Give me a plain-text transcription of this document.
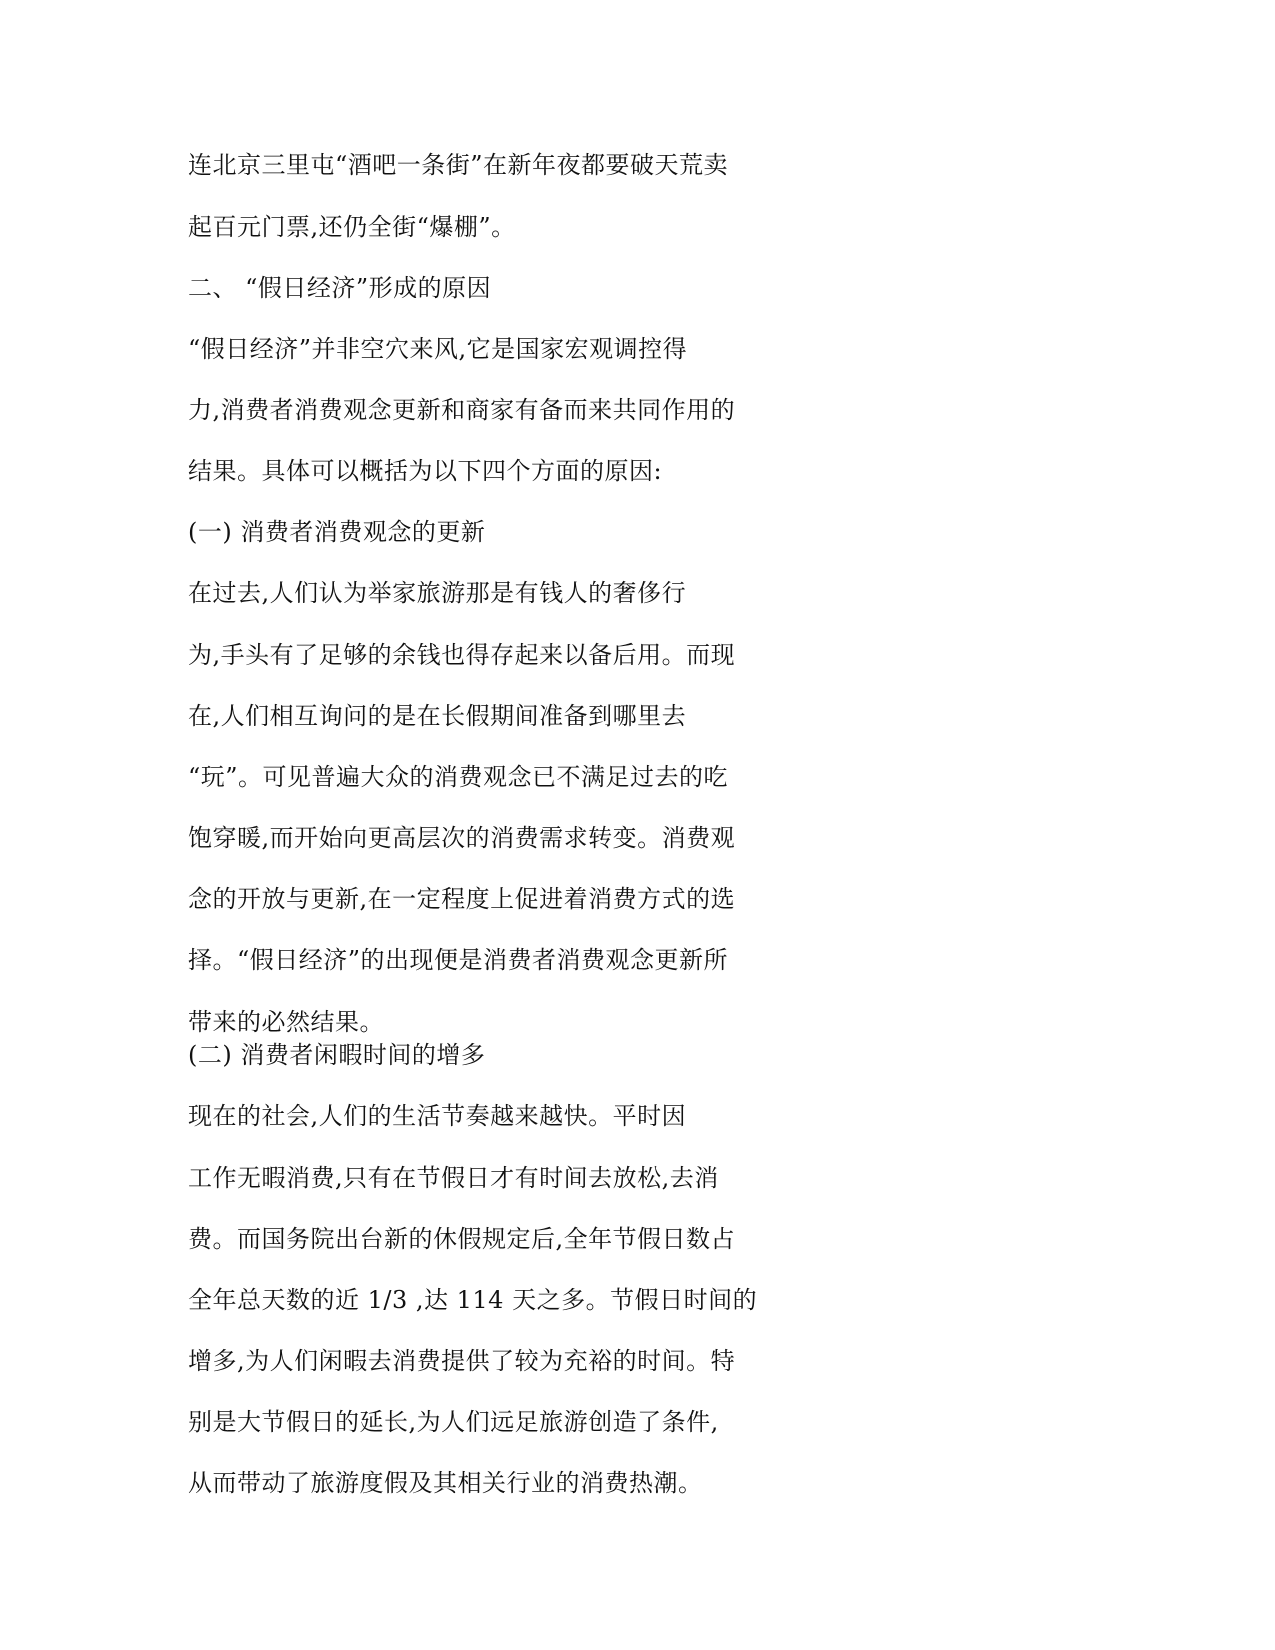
连北京三里屯“酒吧一条街”在新年夜都要破天荒卖
起百元门票,还仍全街“爆棚”。
二、 “假日经济”形成的原因
“假日经济”并非空穴来风,它是国家宏观调控得
力,消费者消费观念更新和商家有备而来共同作用的
结果。具体可以概括为以下四个方面的原因:
(一) 消费者消费观念的更新
在过去,人们认为举家旅游那是有钱人的奢侈行
为,手头有了足够的余钱也得存起来以备后用。而现
在,人们相互询问的是在长假期间准备到哪里去
“玩”。可见普遍大众的消费观念已不满足过去的吃
饱穿暖,而开始向更高层次的消费需求转变。消费观
念的开放与更新,在一定程度上促进着消费方式的选
择。“假日经济”的出现便是消费者消费观念更新所
带来的必然结果。
(二) 消费者闲暇时间的增多
现在的社会,人们的生活节奏越来越快。平时因
工作无暇消费,只有在节假日才有时间去放松,去消
费。而国务院出台新的休假规定后,全年节假日数占
全年总天数的近 1/3 ,达 114 天之多。节假日时间的
增多,为人们闲暇去消费提供了较为充裕的时间。特
别是大节假日的延长,为人们远足旅游创造了条件,
从而带动了旅游度假及其相关行业的消费热潮。
